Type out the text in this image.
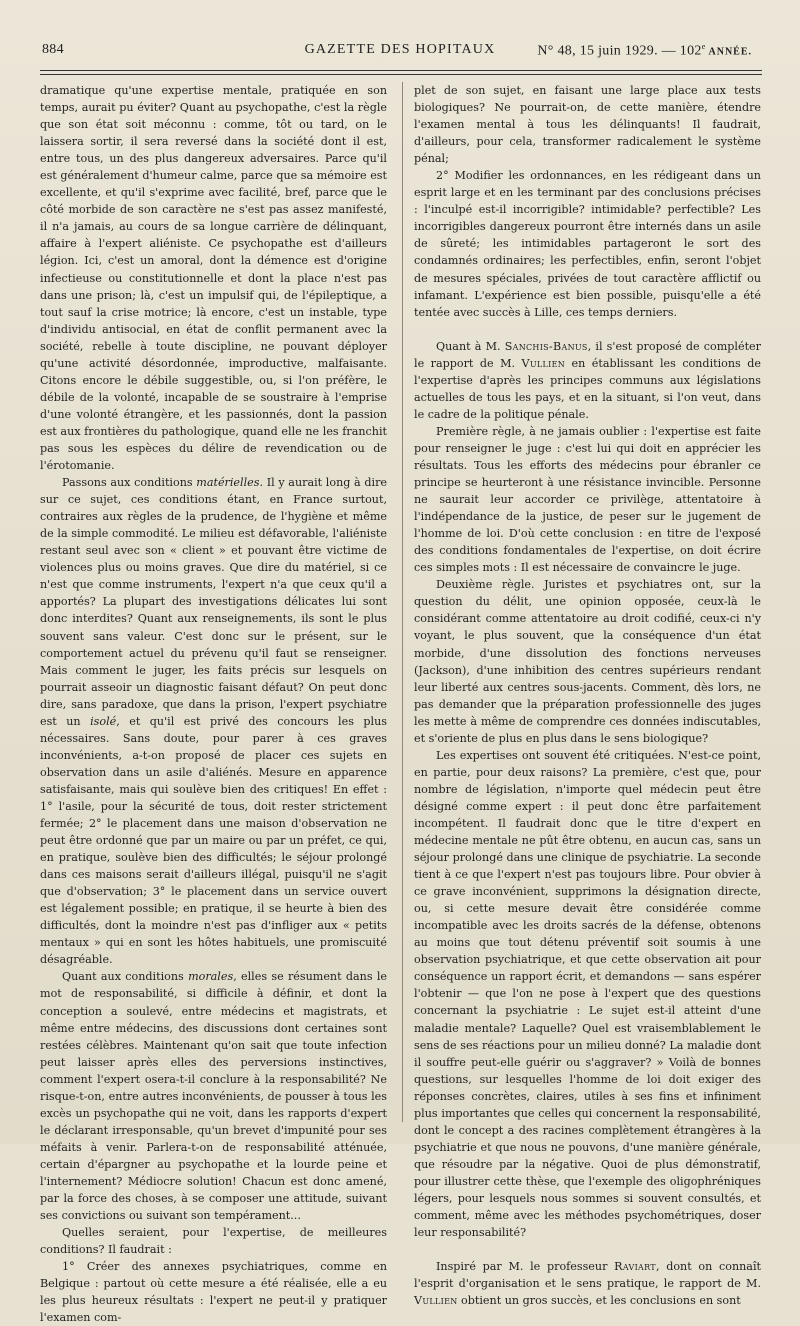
884	GAZETTE DES HOPITAUX	N° 48, 15 juin 1929. — 102e ANNÉE.

dramatique qu'une expertise mentale, pratiquée en son temps, aurait pu éviter? Quant au psychopathe, c'est la règle que son état soit méconnu : comme, tôt ou tard, on le laissera sortir, il sera reversé dans la société dont il est, entre tous, un des plus dangereux adversaires. Parce qu'il est généralement d'humeur calme, parce que sa mémoire est excellente, et qu'il s'exprime avec facilité, bref, parce que le côté morbide de son caractère ne s'est pas assez manifesté, il n'a jamais, au cours de sa longue carrière de délinquant, affaire à l'expert aliéniste. Ce psychopathe est d'ailleurs légion. Ici, c'est un amoral, dont la démence est d'origine infectieuse ou constitutionnelle et dont la place n'est pas dans une prison; là, c'est un impulsif qui, de l'épileptique, a tout sauf la crise motrice; là encore, c'est un instable, type d'individu antisocial, en état de conflit permanent avec la société, rebelle à toute discipline, ne pouvant déployer qu'une activité désordonnée, improductive, malfaisante. Citons encore le débile suggestible, ou, si l'on préfère, le débile de la volonté, incapable de se soustraire à l'emprise d'une volonté étrangère, et les passionnés, dont la passion est aux frontières du pathologique, quand elle ne les franchit pas sous les espèces du délire de revendication ou de l'érotomanie.

Passons aux conditions matérielles. Il y aurait long à dire sur ce sujet, ces conditions étant, en France surtout, contraires aux règles de la prudence, de l'hygiène et même de la simple commodité. Le milieu est défavorable, l'aliéniste restant seul avec son « client » et pouvant être victime de violences plus ou moins graves. Que dire du matériel, si ce n'est que comme instruments, l'expert n'a que ceux qu'il a apportés? La plupart des investigations délicates lui sont donc interdites? Quant aux renseignements, ils sont le plus souvent sans valeur. C'est donc sur le présent, sur le comportement actuel du prévenu qu'il faut se renseigner. Mais comment le juger, les faits précis sur lesquels on pourrait asseoir un diagnostic faisant défaut? On peut donc dire, sans paradoxe, que dans la prison, l'expert psychiatre est un isolé, et qu'il est privé des concours les plus nécessaires. Sans doute, pour parer à ces graves inconvénients, a-t-on proposé de placer ces sujets en observation dans un asile d'aliénés. Mesure en apparence satisfaisante, mais qui soulève bien des critiques! En effet : 1° l'asile, pour la sécurité de tous, doit rester strictement fermée; 2° le placement dans une maison d'observation ne peut être ordonné que par un maire ou par un préfet, ce qui, en pratique, soulève bien des difficultés; le séjour prolongé dans ces maisons serait d'ailleurs illégal, puisqu'il ne s'agit que d'observation; 3° le placement dans un service ouvert est légalement possible; en pratique, il se heurte à bien des difficultés, dont la moindre n'est pas d'infliger aux « petits mentaux » qui en sont les hôtes habituels, une promiscuité désagréable.

Quant aux conditions morales, elles se résument dans le mot de responsabilité, si difficile à définir, et dont la conception a soulevé, entre médecins et magistrats, et même entre médecins, des discussions dont certaines sont restées célèbres. Maintenant qu'on sait que toute infection peut laisser après elles des perversions instinctives, comment l'expert osera-t-il conclure à la responsabilité? Ne risque-t-on, entre autres inconvénients, de pousser à tous les excès un psychopathe qui ne voit, dans les rapports d'expert le déclarant irresponsable, qu'un brevet d'impunité pour ses méfaits à venir. Parlera-t-on de responsabilité atténuée, certain d'épargner au psychopathe et la lourde peine et l'internement? Médiocre solution! Chacun est donc amené, par la force des choses, à se composer une attitude, suivant ses convictions ou suivant son tempérament...

Quelles seraient, pour l'expertise, de meilleures conditions? Il faudrait :

1° Créer des annexes psychiatriques, comme en Belgique : partout où cette mesure a été réalisée, elle a eu les plus heureux résultats : l'expert ne peut-il y pratiquer l'examen com-

plet de son sujet, en faisant une large place aux tests biologiques? Ne pourrait-on, de cette manière, étendre l'examen mental à tous les délinquants! Il faudrait, d'ailleurs, pour cela, transformer radicalement le système pénal;

2° Modifier les ordonnances, en les rédigeant dans un esprit large et en les terminant par des conclusions précises : l'inculpé est-il incorrigible? intimidable? perfectible? Les incorrigibles dangereux pourront être internés dans un asile de sûreté; les intimidables partageront le sort des condamnés ordinaires; les perfectibles, enfin, seront l'objet de mesures spéciales, privées de tout caractère afflictif ou infamant. L'expérience est bien possible, puisqu'elle a été tentée avec succès à Lille, ces temps derniers.

Quant à M. Sanchis-Banus, il s'est proposé de compléter le rapport de M. Vullien en établissant les conditions de l'expertise d'après les principes communs aux législations actuelles de tous les pays, et en la situant, si l'on veut, dans le cadre de la politique pénale.

Première règle, à ne jamais oublier : l'expertise est faite pour renseigner le juge : c'est lui qui doit en apprécier les résultats. Tous les efforts des médecins pour ébranler ce principe se heurteront à une résistance invincible. Personne ne saurait leur accorder ce privilège, attentatoire à l'indépendance de la justice, de peser sur le jugement de l'homme de loi. D'où cette conclusion : en titre de l'exposé des conditions fondamentales de l'expertise, on doit écrire ces simples mots : Il est nécessaire de convaincre le juge.

Deuxième règle. Juristes et psychiatres ont, sur la question du délit, une opinion opposée, ceux-là le considérant comme attentatoire au droit codifié, ceux-ci n'y voyant, le plus souvent, que la conséquence d'un état morbide, d'une dissolution des fonctions nerveuses (Jackson), d'une inhibition des centres supérieurs rendant leur liberté aux centres sous-jacents. Comment, dès lors, ne pas demander que la préparation professionnelle des juges les mette à même de comprendre ces données indiscutables, et s'oriente de plus en plus dans le sens biologique?

Les expertises ont souvent été critiquées. N'est-ce point, en partie, pour deux raisons? La première, c'est que, pour nombre de législation, n'importe quel médecin peut être désigné comme expert : il peut donc être parfaitement incompétent. Il faudrait donc que le titre d'expert en médecine mentale ne pût être obtenu, en aucun cas, sans un séjour prolongé dans une clinique de psychiatrie. La seconde tient à ce que l'expert n'est pas toujours libre. Pour obvier à ce grave inconvénient, supprimons la désignation directe, ou, si cette mesure devait être considérée comme incompatible avec les droits sacrés de la défense, obtenons au moins que tout détenu préventif soit soumis à une observation psychiatrique, et que cette observation ait pour conséquence un rapport écrit, et demandons — sans espérer l'obtenir — que l'on ne pose à l'expert que des questions concernant la psychiatrie : Le sujet est-il atteint d'une maladie mentale? Laquelle? Quel est vraisemblablement le sens de ses réactions pour un milieu donné? La maladie dont il souffre peut-elle guérir ou s'aggraver? » Voilà de bonnes questions, sur lesquelles l'homme de loi doit exiger des réponses concrètes, claires, utiles à ses fins et infiniment plus importantes que celles qui concernent la responsabilité, dont le concept a des racines complètement étrangères à la psychiatrie et que nous ne pouvons, d'une manière générale, que résoudre par la négative. Quoi de plus démonstratif, pour illustrer cette thèse, que l'exemple des oligophréniques légers, pour lesquels nous sommes si souvent consultés, et comment, même avec les méthodes psychométriques, doser leur responsabilité?

Inspiré par M. le professeur Raviart, dont on connaît l'esprit d'organisation et le sens pratique, le rapport de M. Vullien obtient un gros succès, et les conclusions en sont
